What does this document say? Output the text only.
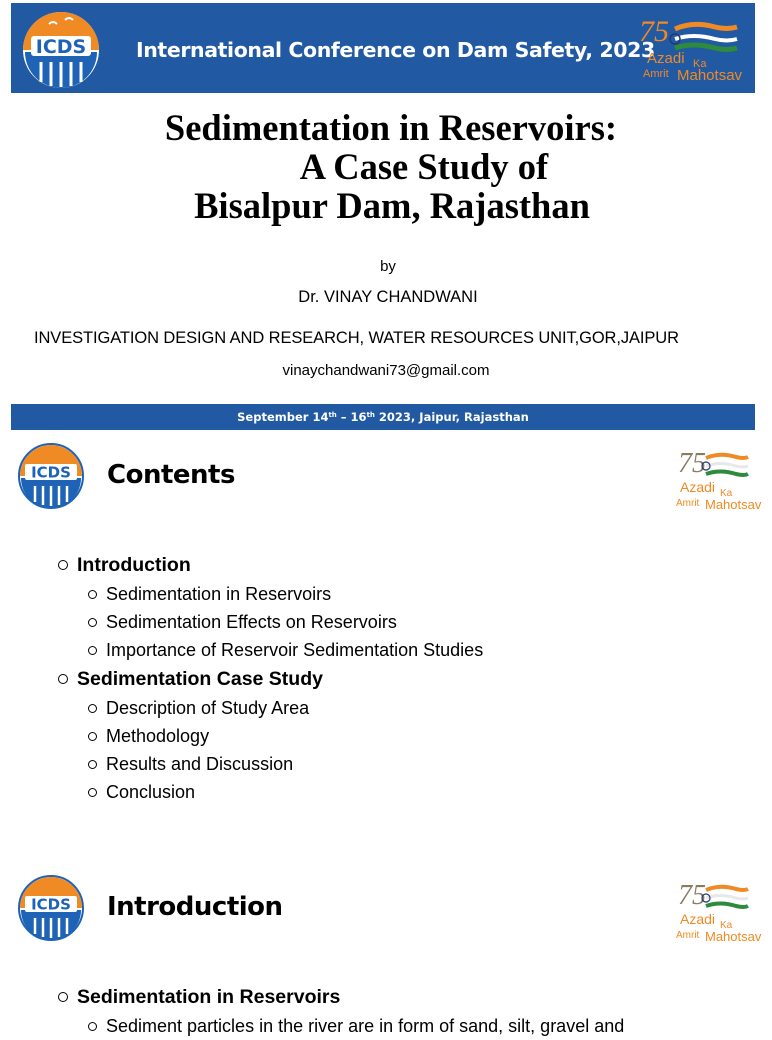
ICDS International Conference on Dam Safety, 2023
75
Azadi Ka
Amrit Mahotsav
Sedimentation in Reservoirs:
A Case Study of
Bisalpur Dam, Rajasthan
by
Dr. VINAY CHANDWANI
INVESTIGATION DESIGN AND RESEARCH, WATER RESOURCES UNIT,GOR,JAIPUR
vinaychandwani73@gmail.com
September 14th – 16th 2023, Jaipur, Rajasthan
ICDS Contents	75
Azadi Ka
Amrit Mahotsav
Introduction
Sedimentation in Reservoirs
Sedimentation Effects on Reservoirs
Importance of Reservoir Sedimentation Studies
Sedimentation Case Study
Description of Study Area
Methodology
Results and Discussion
Conclusion
ICDS Introduction	75
Azadi Ka
Amrit Mahotsav
Sedimentation in Reservoirs
Sediment particles in the river are in form of sand, silt, gravel and
